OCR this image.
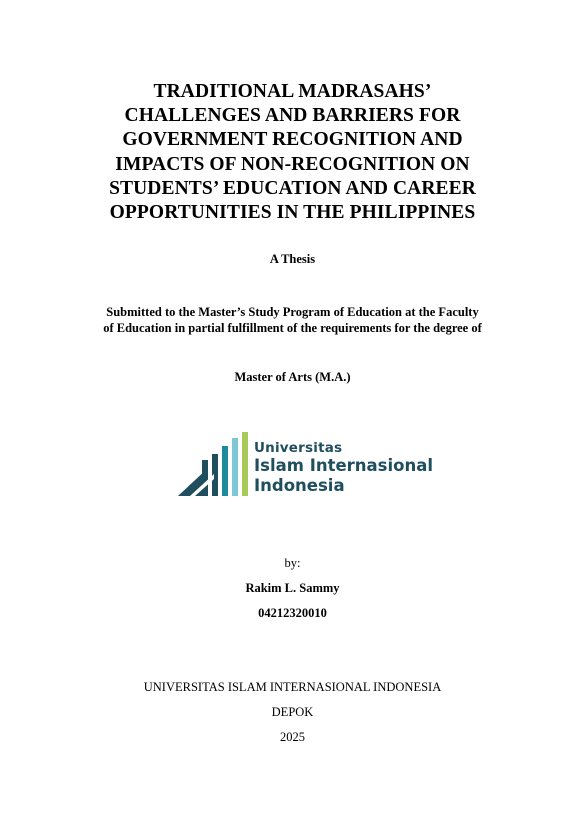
TRADITIONAL MADRASAHS’
CHALLENGES AND BARRIERS FOR
GOVERNMENT RECOGNITION AND
IMPACTS OF NON-RECOGNITION ON
STUDENTS’ EDUCATION AND CAREER
OPPORTUNITIES IN THE PHILIPPINES
A Thesis
Submitted to the Master’s Study Program of Education at the Faculty
of Education in partial fulfillment of the requirements for the degree of
Master of Arts (M.A.)
Universitas
Islam Internasional
Indonesia
by:
Rakim L. Sammy
04212320010
UNIVERSITAS ISLAM INTERNASIONAL INDONESIA
DEPOK
2025
